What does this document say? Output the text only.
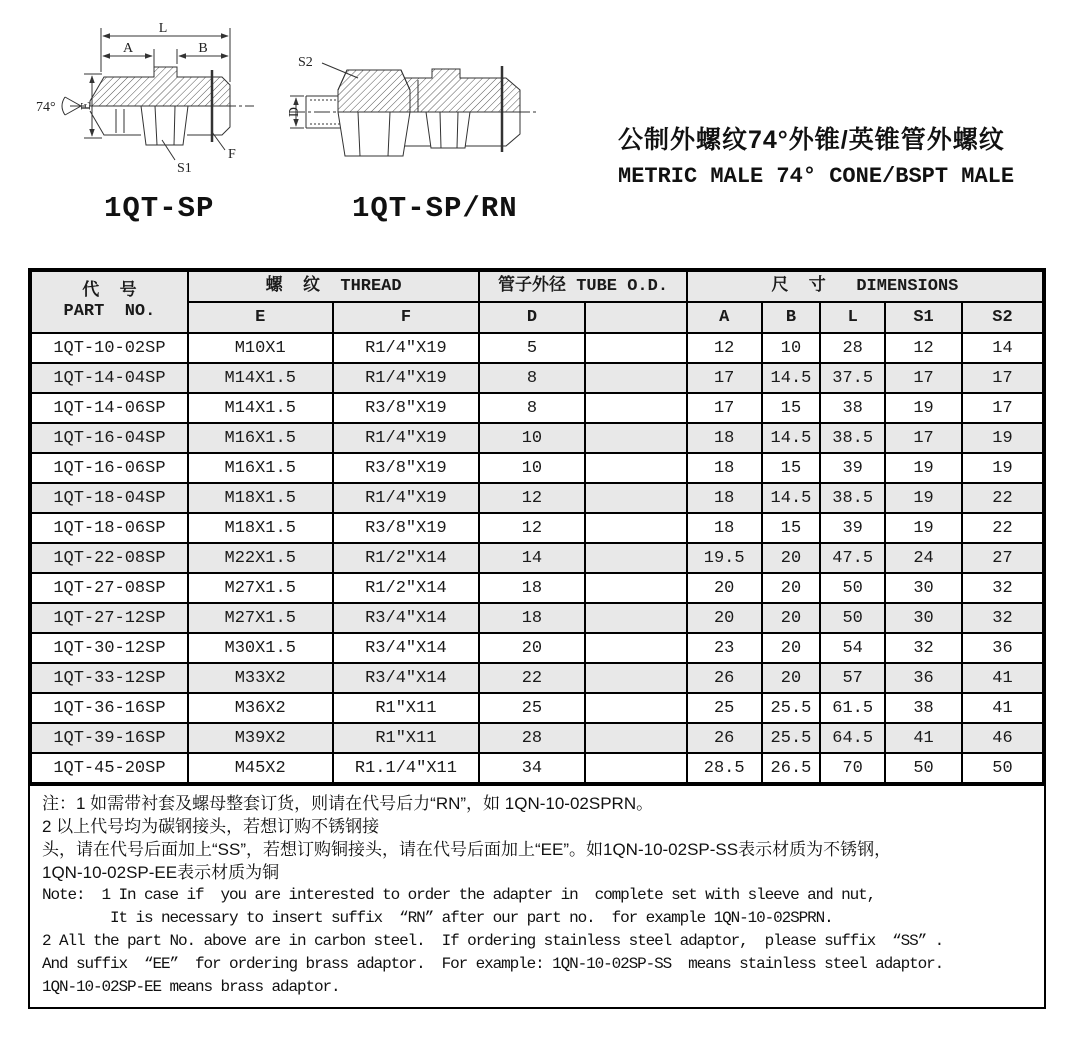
L
A	B
74° E
S1
F
S2
D
1QT-SP	1QT-SP/RN
公制外螺纹74°外锥/英锥管外螺纹
METRIC MALE 74° CONE/BSPT MALE
代  号
PART  NO.	螺  纹  THREAD		管子外径 TUBE O.D.		尺  寸   DIMENSIONS				
	E	F	D		A	B	L	S1	S2
1QT-10-02SP	M10X1	R1/4″X19	5		12	10	28	12	14
1QT-14-04SP	M14X1.5	R1/4″X19	8		17	14.5	37.5	17	17
1QT-14-06SP	M14X1.5	R3/8″X19	8		17	15	38	19	17
1QT-16-04SP	M16X1.5	R1/4″X19	10		18	14.5	38.5	17	19
1QT-16-06SP	M16X1.5	R3/8″X19	10		18	15	39	19	19
1QT-18-04SP	M18X1.5	R1/4″X19	12		18	14.5	38.5	19	22
1QT-18-06SP	M18X1.5	R3/8″X19	12		18	15	39	19	22
1QT-22-08SP	M22X1.5	R1/2″X14	14		19.5	20	47.5	24	27
1QT-27-08SP	M27X1.5	R1/2″X14	18		20	20	50	30	32
1QT-27-12SP	M27X1.5	R3/4″X14	18		20	20	50	30	32
1QT-30-12SP	M30X1.5	R3/4″X14	20		23	20	54	32	36
1QT-33-12SP	M33X2	R3/4″X14	22		26	20	57	36	41
1QT-36-16SP	M36X2	R1″X11	25		25	25.5	61.5	38	41
1QT-39-16SP	M39X2	R1″X11	28		26	25.5	64.5	41	46
1QT-45-20SP	M45X2	R1.1/4″X11	34		28.5	26.5	70	50	50
注：1 如需带衬套及螺母整套订货，则请在代号后力“RN”，如 1QN-10-02SPRN。
2 以上代号均为碳钢接头，若想订购不锈钢接
头，请在代号后面加上“SS”，若想订购铜接头，请在代号后面加上“EE”。如1QN-10-02SP-SS表示材质为不锈钢，
1QN-10-02SP-EE表示材质为铜
Note:  1 In case if  you are interested to order the adapter in  complete set with sleeve and nut,
It is necessary to insert suffix  “RN” after our part no.  for example 1QN-10-02SPRN.
2 All the part No. above are in carbon steel.  If ordering stainless steel adaptor,  please suffix  “SS” .
And suffix  “EE”  for ordering brass adaptor.  For example: 1QN-10-02SP-SS  means stainless steel adaptor.
1QN-10-02SP-EE means brass adaptor.
